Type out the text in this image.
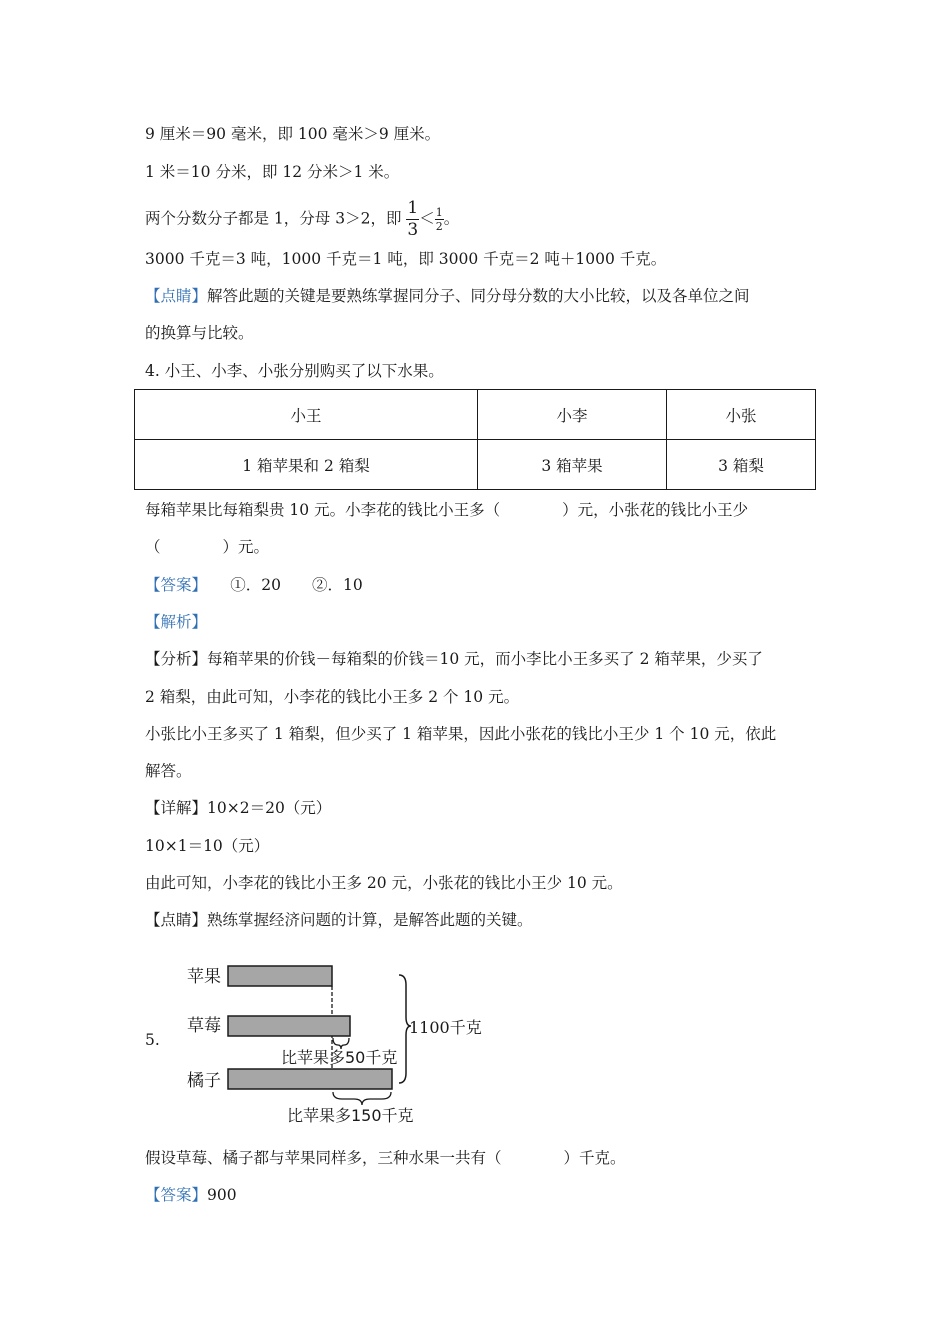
9 厘米＝90 毫米，即 100 毫米＞9 厘米。
1 米＝10 分米，即 12 分米＞1 米。
两个分数分子都是 1，分母 3＞2，即 $\frac{1}{3} < \frac{1}{2}$ 。
3000 千克＝3 吨，1000 千克＝1 吨，即 3000 千克＝2 吨＋1000 千克。
【点睛】解答此题的关键是要熟练掌握同分子、同分母分数的大小比较，以及各单位之间
的换算与比较。
4. 小王、小李、小张分别购买了以下水果。
小王	小李	小张
1 箱苹果和 2 箱梨	3 箱苹果	3 箱梨
每箱苹果比每箱梨贵 10 元。小李花的钱比小王多（　　　　）元，小张花的钱比小王少
（　　　　）元。
【答案】　　①．20　　②．10
【解析】
【分析】每箱苹果的价钱－每箱梨的价钱＝10 元，而小李比小王多买了 2 箱苹果，少买了
2 箱梨，由此可知，小李花的钱比小王多 2 个 10 元。
小张比小王多买了 1 箱梨，但少买了 1 箱苹果，因此小张花的钱比小王少 1 个 10 元，依此
解答。
【详解】10×2＝20（元）
10×1＝10（元）
由此可知，小李花的钱比小王多 20 元，小张花的钱比小王少 10 元。
【点睛】熟练掌握经济问题的计算，是解答此题的关键。
5.
苹果
草莓
比苹果多50千克
橘子
比苹果多150千克
1100千克
假设草莓、橘子都与苹果同样多，三种水果一共有（　　　　）千克。
【答案】900
